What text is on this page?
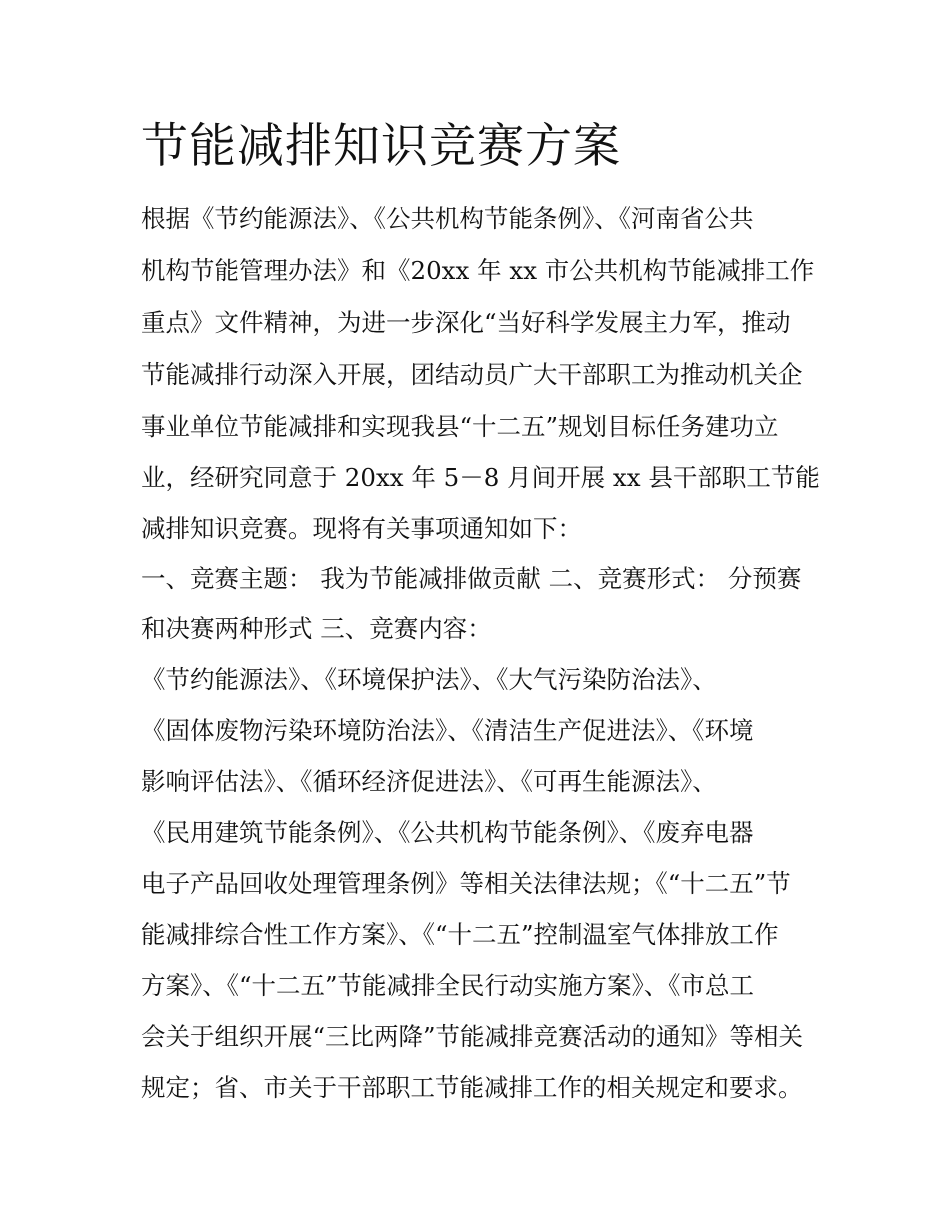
节能减排知识竞赛方案

根据《节约能源法》、《公共机构节能条例》、《河南省公共

机构节能管理办法》和《20xx 年 xx 市公共机构节能减排工作

重点》文件精神，为进一步深化“当好科学发展主力军，推动

节能减排行动深入开展，团结动员广大干部职工为推动机关企

事业单位节能减排和实现我县“十二五”规划目标任务建功立

业，经研究同意于 20xx 年 5－8 月间开展 xx 县干部职工节能

减排知识竞赛。现将有关事项通知如下：

一、竞赛主题： 我为节能减排做贡献 二、竞赛形式： 分预赛

和决赛两种形式 三、竞赛内容：

《节约能源法》、《环境保护法》、《大气污染防治法》、

《固体废物污染环境防治法》、《清洁生产促进法》、《环境

影响评估法》、《循环经济促进法》、《可再生能源法》、

《民用建筑节能条例》、《公共机构节能条例》、《废弃电器

电子产品回收处理管理条例》等相关法律法规；《“十二五”节

能减排综合性工作方案》、《“十二五”控制温室气体排放工作

方案》、《“十二五”节能减排全民行动实施方案》、《市总工

会关于组织开展“三比两降”节能减排竞赛活动的通知》等相关

规定；省、市关于干部职工节能减排工作的相关规定和要求。
